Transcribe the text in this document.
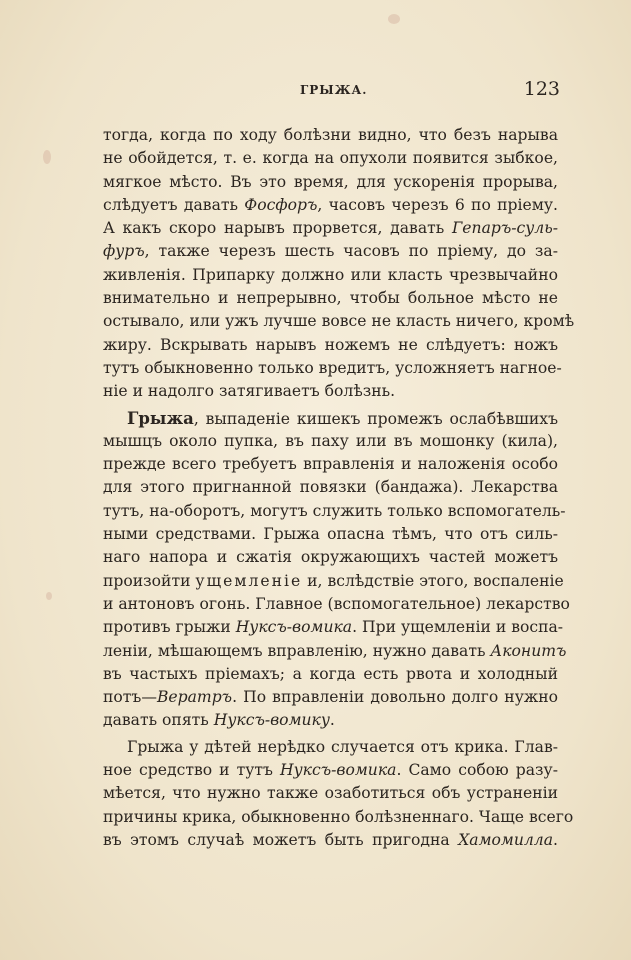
ГРЫЖА.	123
тогда, когда по ходу болѣзни видно, что безъ нарыва
не обойдется, т. е. когда на опухоли появится зыбкое,
мягкое мѣсто. Въ это время, для ускоренія прорыва,
слѣдуетъ давать Фосфоръ, часовъ черезъ 6 по пріему.
А какъ скоро нарывъ прорвется, давать Гепаръ-суль-
фуръ, также черезъ шесть часовъ по пріему, до за-
живленія. Припарку должно или класть чрезвычайно
внимательно и непрерывно, чтобы больное мѣсто не
остывало, или ужъ лучше вовсе не класть ничего, кромѣ
жиру. Вскрывать нарывъ ножемъ не слѣдуетъ: ножъ
тутъ обыкновенно только вредитъ, усложняетъ нагное-
ніе и надолго затягиваетъ болѣзнь.
Грыжа, выпаденіе кишекъ промежъ ослабѣвшихъ
мышцъ около пупка, въ паху или въ мошонку (кила),
прежде всего требуетъ вправленія и наложенія особо
для этого пригнанной повязки (бандажа). Лекарства
тутъ, на-оборотъ, могутъ служить только вспомогатель-
ными средствами. Грыжа опасна тѣмъ, что отъ силь-
наго напора и сжатія окружающихъ частей можетъ
произойти ущемленіе и, вслѣдствіе этого, воспаленіе
и антоновъ огонь. Главное (вспомогательное) лекарство
противъ грыжи Нуксъ-вомика. При ущемленіи и воспа-
леніи, мѣшающемъ вправленію, нужно давать Аконитъ
въ частыхъ пріемахъ; а когда есть рвота и холодный
потъ—Вератръ. По вправленіи довольно долго нужно
давать опять Нуксъ-вомику.
Грыжа у дѣтей нерѣдко случается отъ крика. Глав-
ное средство и тутъ Нуксъ-вомика. Само собою разу-
мѣется, что нужно также озаботиться объ устраненіи
причины крика, обыкновенно болѣзненнаго. Чаще всего
въ этомъ случаѣ можетъ быть пригодна Хамомилла.
